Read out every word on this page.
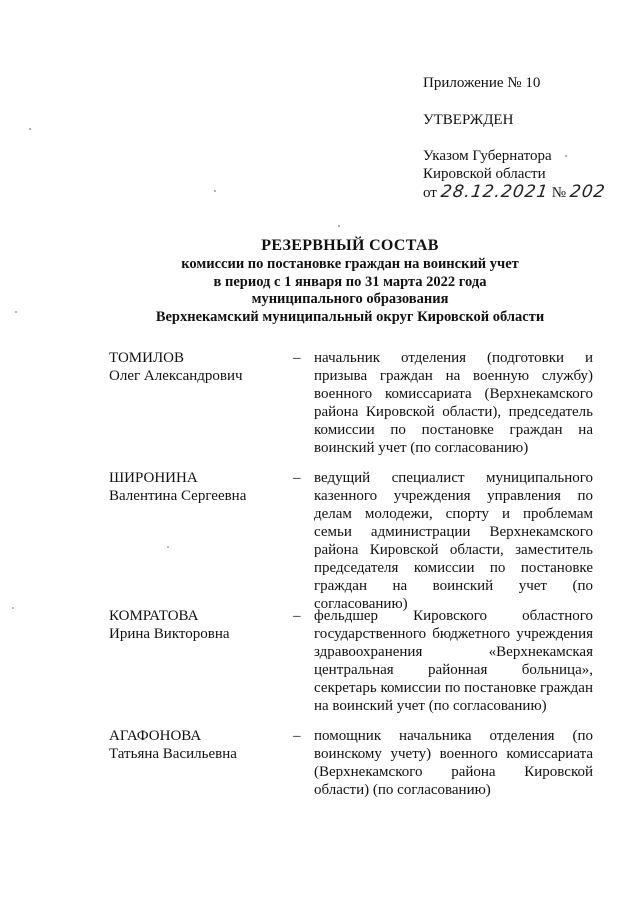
Приложение № 10
УТВЕРЖДЕН
Указом Губернатора
Кировской области
от 28.12.2021 № 202
РЕЗЕРВНЫЙ СОСТАВ
комиссии по постановке граждан на воинский учет
в период с 1 января по 31 марта 2022 года
муниципального образования
Верхнекамский муниципальный округ Кировской области
ТОМИЛОВ
Олег Александрович
– начальник отделения (подготовки и призыва граждан на военную службу) военного комиссариата (Верхнекамского района Кировской области), председатель комиссии по постановке граждан на воинский учет (по согласованию)
ШИРОНИНА
Валентина Сергеевна
– ведущий специалист муниципального казенного учреждения управления по делам молодежи, спорту и проблемам семьи администрации Верхнекамского района Кировской области, заместитель председателя комиссии по постановке граждан на воинский учет (по согласованию)
КОМРАТОВА
Ирина Викторовна
– фельдшер Кировского областного государственного бюджетного учреждения здравоохранения «Верхнекамская центральная районная больница», секретарь комиссии по постановке граждан на воинский учет (по согласованию)
АГАФОНОВА
Татьяна Васильевна
– помощник начальника отделения (по воинскому учету) военного комиссариата (Верхнекамского района Кировской области) (по согласованию)
